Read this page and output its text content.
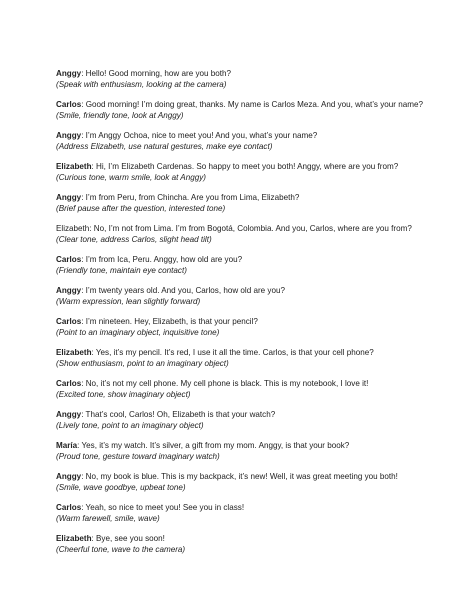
Anggy: Hello! Good morning, how are you both?
(Speak with enthusiasm, looking at the camera)
Carlos: Good morning! I’m doing great, thanks. My name is Carlos Meza. And you, what’s your name?
(Smile, friendly tone, look at Anggy)
Anggy: I’m Anggy Ochoa, nice to meet you! And you, what’s your name?
(Address Elizabeth, use natural gestures, make eye contact)
Elizabeth: Hi, I’m Elizabeth Cardenas. So happy to meet you both! Anggy, where are you from?
(Curious tone, warm smile, look at Anggy)
Anggy: I’m from Peru, from Chincha. Are you from Lima, Elizabeth?
(Brief pause after the question, interested tone)
Elizabeth: No, I’m not from Lima. I’m from Bogotá, Colombia. And you, Carlos, where are you from?
(Clear tone, address Carlos, slight head tilt)
Carlos: I’m from Ica, Peru. Anggy, how old are you?
(Friendly tone, maintain eye contact)
Anggy: I’m twenty years old. And you, Carlos, how old are you?
(Warm expression, lean slightly forward)
Carlos: I’m nineteen. Hey, Elizabeth, is that your pencil?
(Point to an imaginary object, inquisitive tone)
Elizabeth: Yes, it’s my pencil. It’s red, I use it all the time. Carlos, is that your cell phone?
(Show enthusiasm, point to an imaginary object)
Carlos: No, it’s not my cell phone. My cell phone is black. This is my notebook, I love it!
(Excited tone, show imaginary object)
Anggy: That’s cool, Carlos! Oh, Elizabeth is that your watch?
(Lively tone, point to an imaginary object)
María: Yes, it’s my watch. It’s silver, a gift from my mom. Anggy, is that your book?
(Proud tone, gesture toward imaginary watch)
Anggy: No, my book is blue. This is my backpack, it’s new! Well, it was great meeting you both!
(Smile, wave goodbye, upbeat tone)
Carlos: Yeah, so nice to meet you! See you in class!
(Warm farewell, smile, wave)
Elizabeth: Bye, see you soon!
(Cheerful tone, wave to the camera)
